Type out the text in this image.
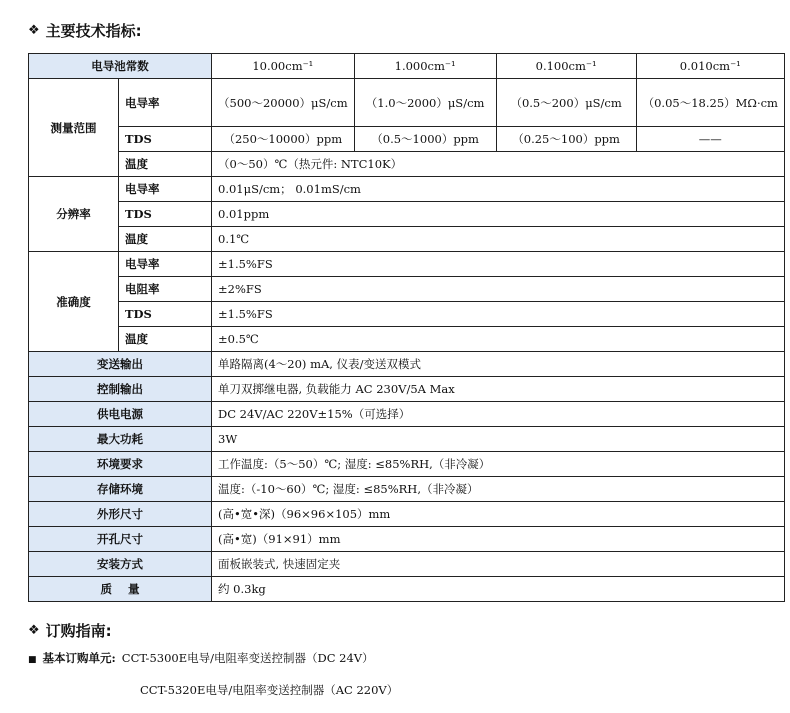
❖ 主要技术指标:
电导池常数		10.00cm⁻¹	1.000cm⁻¹	0.100cm⁻¹	0.010cm⁻¹
测量范围	电导率	（500～20000）μS/cm	（1.0～2000）μS/cm	（0.5～200）μS/cm	（0.05～18.25）MΩ·cm
	TDS	（250～10000）ppm	（0.5～1000）ppm	（0.25～100）ppm	——
	温度	（0～50）℃（热元件: NTC10K）			
分辨率	电导率	0.01μS/cm； 0.01mS/cm			
	TDS	0.01ppm			
	温度	0.1℃			
准确度	电导率	±1.5%FS			
	电阻率	±2%FS			
	TDS	±1.5%FS			
	温度	±0.5℃			
变送输出		单路隔离(4～20) mA, 仪表/变送双模式			
控制输出		单刀双掷继电器, 负载能力 AC 230V/5A Max			
供电电源		DC 24V/AC 220V±15%（可选择）			
最大功耗		3W			
环境要求		工作温度:（5～50）℃; 湿度: ≤85%RH,（非冷凝）			
存储环境		温度:（-10～60）℃; 湿度: ≤85%RH,（非冷凝）			
外形尺寸		(高•宽•深)（96×96×105）mm			
开孔尺寸		(高•宽)（91×91）mm			
安装方式		面板嵌装式, 快速固定夹			
质    量		约 0.3kg			
❖ 订购指南:
■ 基本订购单元: CCT-5300E电导/电阻率变送控制器（DC 24V）
CCT-5320E电导/电阻率变送控制器（AC 220V）
